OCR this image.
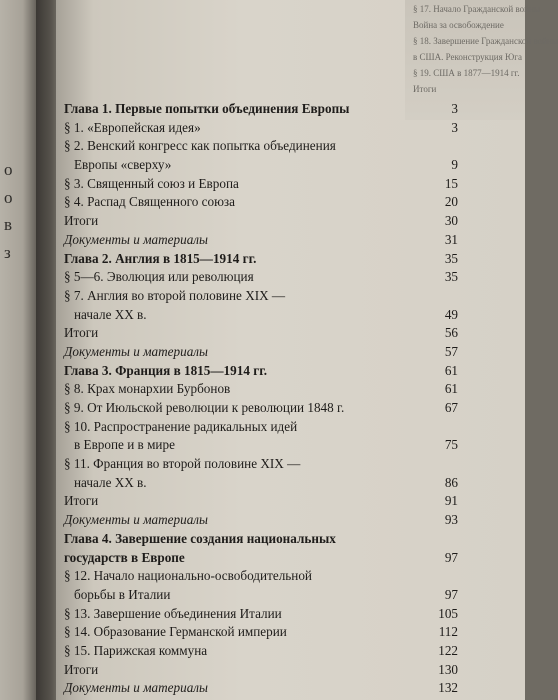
о
о
в
з
§ 17. Начало Гражданской войны
Война за освобождение
§ 18. Завершение Гражданской войны
в США. Реконструкция Юга
§ 19. США в 1877—1914 гг.
Итоги
Глава 1. Первые попытки объединения Европы	3
§ 1. «Европейская идея»	3
§ 2. Венский конгресс как попытка объединения
Европы «сверху»	9
§ 3. Священный союз и Европа	15
§ 4. Распад Священного союза	20
Итоги	30
Документы и материалы	31
Глава 2. Англия в 1815—1914 гг.	35
§ 5—6. Эволюция или революция	35
§ 7. Англия во второй половине XIX —
начале XX в.	49
Итоги	56
Документы и материалы	57
Глава 3. Франция в 1815—1914 гг.	61
§ 8. Крах монархии Бурбонов	61
§ 9. От Июльской революции к революции 1848 г.	67
§ 10. Распространение радикальных идей
в Европе и в мире	75
§ 11. Франция во второй половине XIX —
начале XX в.	86
Итоги	91
Документы и материалы	93
Глава 4. Завершение создания национальных
государств в Европе	97
§ 12. Начало национально-освободительной
борьбы в Италии	97
§ 13. Завершение объединения Италии	105
§ 14. Образование Германской империи	112
§ 15. Парижская коммуна	122
Итоги	130
Документы и материалы	132
